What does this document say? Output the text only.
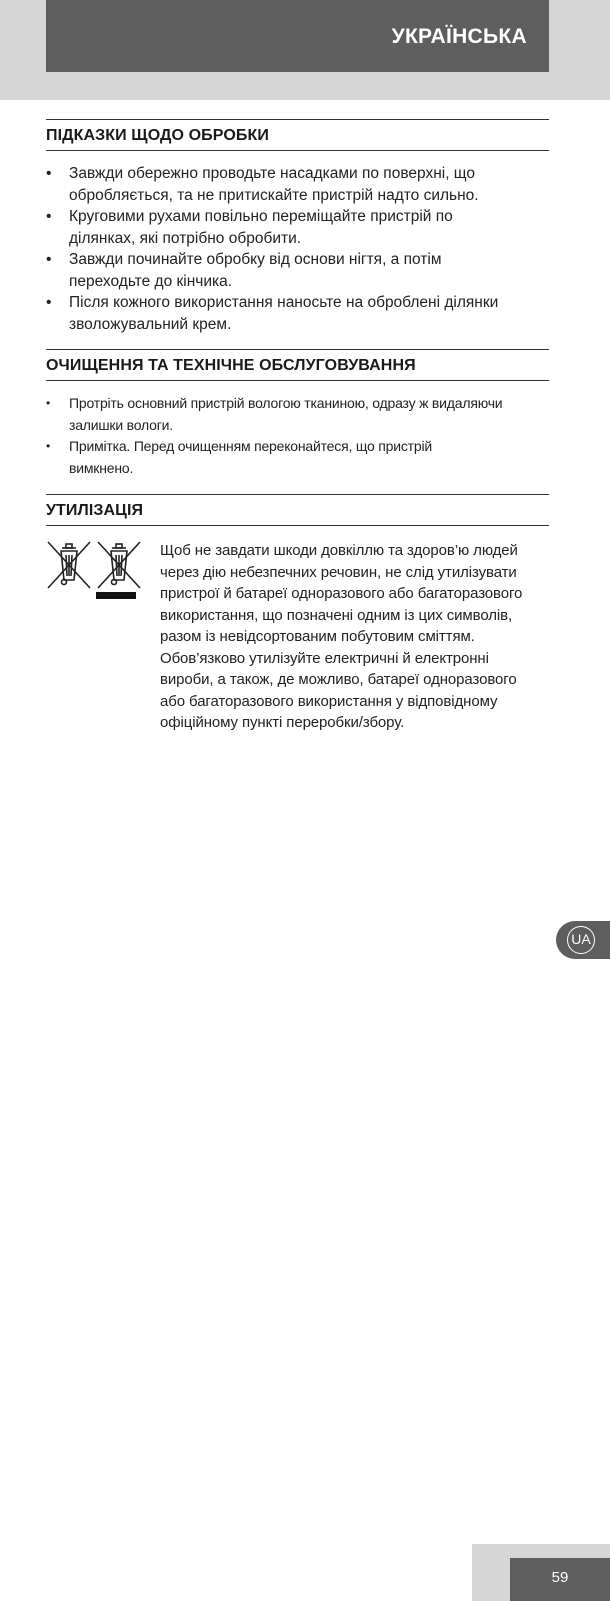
УКРАЇНСЬКА
ПІДКАЗКИ ЩОДО ОБРОБКИ
• Завжди обережно проводьте насадками по поверхні, що
обробляється, та не притискайте пристрій надто сильно.
• Круговими рухами повільно переміщайте пристрій по
ділянках, які потрібно обробити.
• Завжди починайте обробку від основи нігтя, а потім
переходьте до кінчика.
• Після кожного використання наносьте на оброблені ділянки
зволожувальний крем.
ОЧИЩЕННЯ ТА ТЕХНІЧНЕ ОБСЛУГОВУВАННЯ
• Протріть основний пристрій вологою тканиною, одразу ж видаляючи
залишки вологи.
• Примітка. Перед очищенням переконайтеся, що пристрій
вимкнено.
УТИЛІЗАЦІЯ
Щоб не завдати шкоди довкіллю та здоров’ю людей
через дію небезпечних речовин, не слід утилізувати
пристрої й батареї одноразового або багаторазового
використання, що позначені одним із цих символів,
разом із невідсортованим побутовим сміттям.
Обов’язково утилізуйте електричні й електронні
вироби, а також, де можливо, батареї одноразового
або багаторазового використання у відповідному
офіційному пункті переробки/збору.
UA
59
